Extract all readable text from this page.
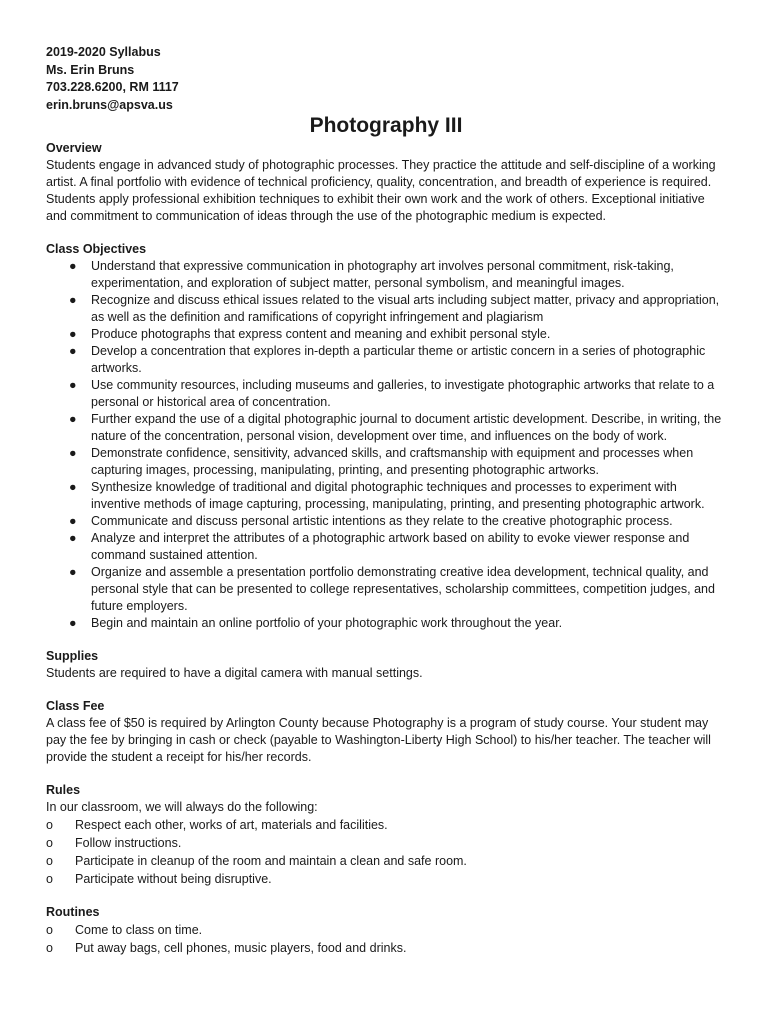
2019-2020 Syllabus
Ms. Erin Bruns
703.228.6200, RM 1117
erin.bruns@apsva.us
Photography III
Overview

Students engage in advanced study of photographic processes. They practice the attitude and self-discipline of a working artist. A final portfolio with evidence of technical proficiency, quality, concentration, and breadth of experience is required. Students apply professional exhibition techniques to exhibit their own work and the work of others. Exceptional initiative and commitment to communication of ideas through the use of the photographic medium is expected.

Class Objectives
● Understand that expressive communication in photography art involves personal commitment, risk-taking, experimentation, and exploration of subject matter, personal symbolism, and meaningful images.
● Recognize and discuss ethical issues related to the visual arts including subject matter, privacy and appropriation, as well as the definition and ramifications of copyright infringement and plagiarism
● Produce photographs that express content and meaning and exhibit personal style.
● Develop a concentration that explores in-depth a particular theme or artistic concern in a series of photographic artworks.
● Use community resources, including museums and galleries, to investigate photographic artworks that relate to a personal or historical area of concentration.
● Further expand the use of a digital photographic journal to document artistic development. Describe, in writing, the nature of the concentration, personal vision, development over time, and influences on the body of work.
● Demonstrate confidence, sensitivity, advanced skills, and craftsmanship with equipment and processes when capturing images, processing, manipulating, printing, and presenting photographic artworks.
● Synthesize knowledge of traditional and digital photographic techniques and processes to experiment with inventive methods of image capturing, processing, manipulating, printing, and presenting photographic artwork.
● Communicate and discuss personal artistic intentions as they relate to the creative photographic process.
● Analyze and interpret the attributes of a photographic artwork based on ability to evoke viewer response and command sustained attention.
● Organize and assemble a presentation portfolio demonstrating creative idea development, technical quality, and personal style that can be presented to college representatives, scholarship committees, competition judges, and future employers.
● Begin and maintain an online portfolio of your photographic work throughout the year.
Supplies

Students are required to have a digital camera with manual settings.

Class Fee

A class fee of $50 is required by Arlington County because Photography is a program of study course. Your student may pay the fee by bringing in cash or check (payable to Washington-Liberty High School) to his/her teacher. The teacher will provide the student a receipt for his/her records.

Rules

In our classroom, we will always do the following:

o Respect each other, works of art, materials and facilities.
o Follow instructions.
o Participate in cleanup of the room and maintain a clean and safe room.
o Participate without being disruptive.
Routines
o Come to class on time.
o Put away bags, cell phones, music players, food and drinks.
